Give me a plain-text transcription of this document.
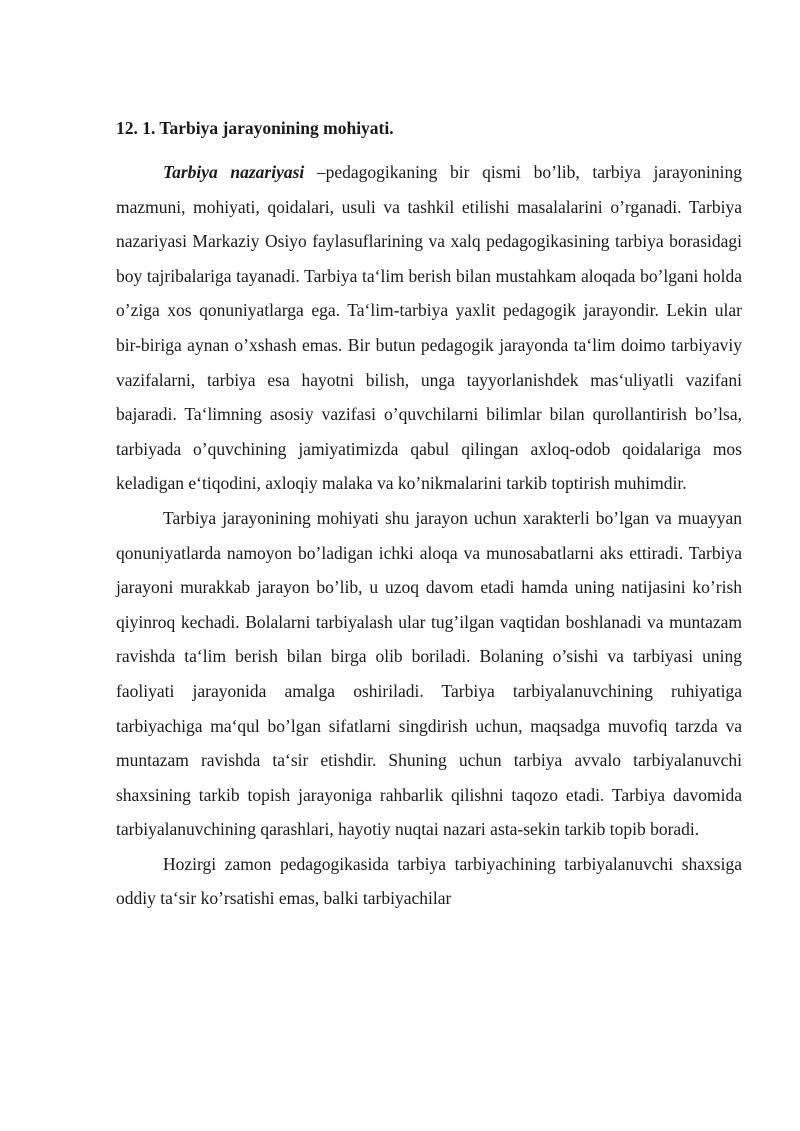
12. 1. Tarbiya jarayonining mohiyati.

Tarbiya nazariyasi –pedagogikaning bir qismi bo’lib, tarbiya jarayonining mazmuni, mohiyati, qoidalari, usuli va tashkil etilishi masalalarini o’rganadi. Tarbiya nazariyasi Markaziy Osiyo faylasuflarining va xalq pedagogikasining tarbiya borasidagi boy tajribalariga tayanadi. Tarbiya ta‘lim berish bilan mustahkam aloqada bo’lgani holda o’ziga xos qonuniyatlarga ega. Ta‘lim-tarbiya yaxlit pedagogik jarayondir. Lekin ular bir-biriga aynan o’xshash emas. Bir butun pedagogik jarayonda ta‘lim doimo tarbiyaviy vazifalarni, tarbiya esa hayotni bilish, unga tayyorlanishdek mas‘uliyatli vazifani bajaradi. Ta‘limning asosiy vazifasi o’quvchilarni bilimlar bilan qurollantirish bo’lsa, tarbiyada o’quvchining jamiyatimizda qabul qilingan axloq-odob qoidalariga mos keladigan e‘tiqodini, axloqiy malaka va ko’nikmalarini tarkib toptirish muhimdir.

Tarbiya jarayonining mohiyati shu jarayon uchun xarakterli bo’lgan va muayyan qonuniyatlarda namoyon bo’ladigan ichki aloqa va munosabatlarni aks ettiradi. Tarbiya jarayoni murakkab jarayon bo’lib, u uzoq davom etadi hamda uning natijasini ko’rish qiyinroq kechadi. Bolalarni tarbiyalash ular tug’ilgan vaqtidan boshlanadi va muntazam ravishda ta‘lim berish bilan birga olib boriladi. Bolaning o’sishi va tarbiyasi uning faoliyati jarayonida amalga oshiriladi. Tarbiya tarbiyalanuvchining ruhiyatiga tarbiyachiga ma‘qul bo’lgan sifatlarni singdirish uchun, maqsadga muvofiq tarzda va muntazam ravishda ta‘sir etishdir. Shuning uchun tarbiya avvalo tarbiyalanuvchi shaxsining tarkib topish jarayoniga rahbarlik qilishni taqozo etadi. Tarbiya davomida tarbiyalanuvchining qarashlari, hayotiy nuqtai nazari asta-sekin tarkib topib boradi.

Hozirgi zamon pedagogikasida tarbiya tarbiyachining tarbiyalanuvchi shaxsiga oddiy ta‘sir ko’rsatishi emas, balki tarbiyachilar
